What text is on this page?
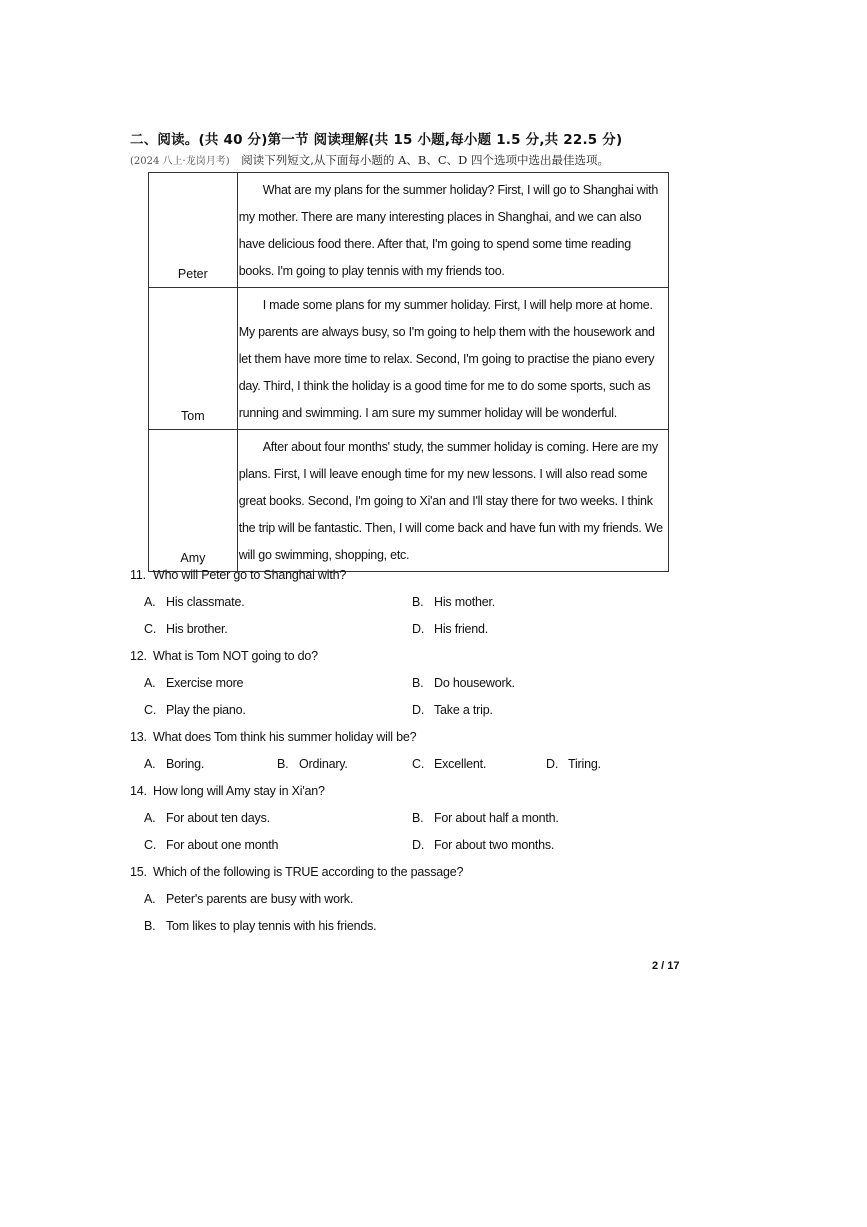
二、阅读。(共 40 分)第一节 阅读理解(共 15 小题,每小题 1.5 分,共 22.5 分)
(2024 八上·龙岗月考) 阅读下列短文,从下面每小题的 A、B、C、D 四个选项中选出最佳选项。
Peter	What are my plans for the summer holiday? First, I will go to Shanghai with my mother. There are many interesting places in Shanghai, and we can also have delicious food there. After that, I'm going to spend some time reading books. I'm going to play tennis with my friends too.
Tom	I made some plans for my summer holiday. First, I will help more at home. My parents are always busy, so I'm going to help them with the housework and let them have more time to relax. Second, I'm going to practise the piano every day. Third, I think the holiday is a good time for me to do some sports, such as running and swimming. I am sure my summer holiday will be wonderful.
Amy	After about four months' study, the summer holiday is coming. Here are my plans. First, I will leave enough time for my new lessons. I will also read some great books. Second, I'm going to Xi'an and I'll stay there for two weeks. I think the trip will be fantastic. Then, I will come back and have fun with my friends. We will go swimming, shopping, etc.
11. Who will Peter go to Shanghai with?
A. His classmate.	B. His mother.
C. His brother.	D. His friend.
12. What is Tom NOT going to do?
A. Exercise more	B. Do housework.
C. Play the piano.	D. Take a trip.
13. What does Tom think his summer holiday will be?
A. Boring.	B. Ordinary.	C. Excellent.	D. Tiring.
14. How long will Amy stay in Xi'an?
A. For about ten days.	B. For about half a month.
C. For about one month	D. For about two months.
15. Which of the following is TRUE according to the passage?
A. Peter's parents are busy with work.
B. Tom likes to play tennis with his friends.
2 / 17
